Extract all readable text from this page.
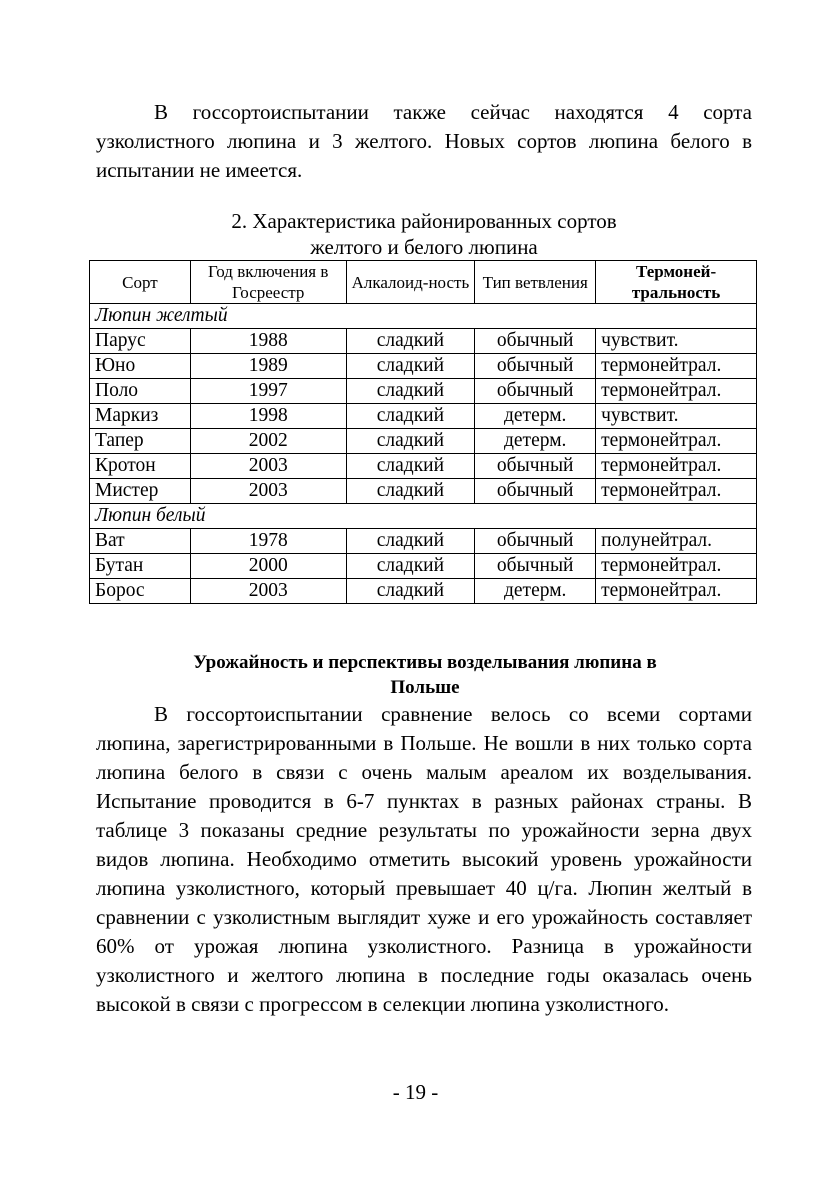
В госсортоиспытании также сейчас находятся 4 сорта узколистного люпина и 3 желтого. Новых сортов люпина белого в испытании не имеется.

2. Характеристика районированных сортов
желтого и белого люпина
Сорт	Год включения в Госреестр	Алкалоид-ность	Тип ветвления	Термоней-тральность
Люпин желтый				
Парус	1988	сладкий	обычный	чувствит.
Юно	1989	сладкий	обычный	термонейтрал.
Поло	1997	сладкий	обычный	термонейтрал.
Маркиз	1998	сладкий	детерм.	чувствит.
Тапер	2002	сладкий	детерм.	термонейтрал.
Кротон	2003	сладкий	обычный	термонейтрал.
Мистер	2003	сладкий	обычный	термонейтрал.
Люпин белый				
Ват	1978	сладкий	обычный	полунейтрал.
Бутан	2000	сладкий	обычный	термонейтрал.
Борос	2003	сладкий	детерм.	термонейтрал.
Урожайность и перспективы возделывания люпина в
Польше

В госсортоиспытании сравнение велось со всеми сортами люпина, зарегистрированными в Польше. Не вошли в них только сорта люпина белого в связи с очень малым ареалом их возделывания. Испытание проводится в 6-7 пунктах в разных районах страны. В таблице 3 показаны средние результаты по урожайности зерна двух видов люпина. Необходимо отметить высокий уровень урожайности люпина узколистного, который превышает 40 ц/га. Люпин желтый в сравнении с узколистным выглядит хуже и его урожайность составляет 60% от урожая люпина узколистного. Разница в урожайности узколистного и желтого люпина в последние годы оказалась очень высокой в связи с прогрессом в селекции люпина узколистного.

- 19 -
